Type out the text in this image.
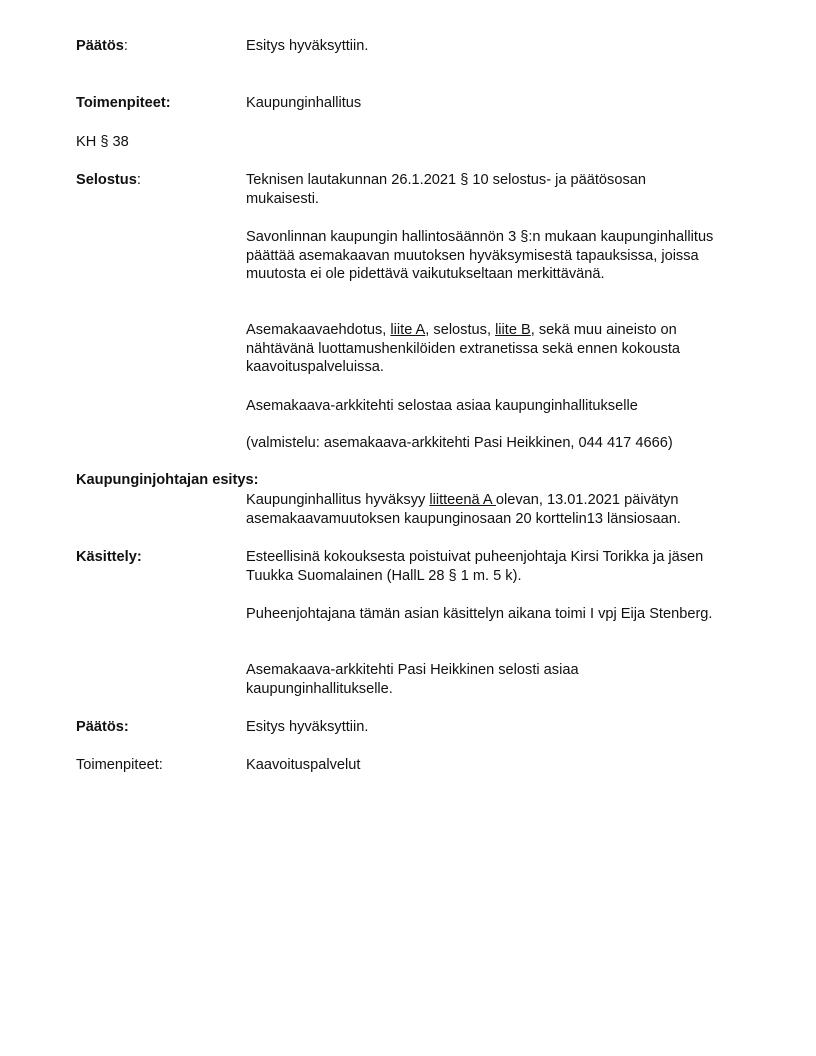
Päätös:	Esitys hyväksyttiin.
Toimenpiteet:	Kaupunginhallitus
KH § 38
Selostus:	Teknisen lautakunnan 26.1.2021 § 10 selostus- ja päätösosan mukaisesti.
Savonlinnan kaupungin hallintosäännön 3 §:n mukaan kaupunginhallitus päättää asemakaavan muutoksen hyväksymisestä tapauksissa, joissa muutosta ei ole pidettävä vaikutukseltaan merkittävänä.
Asemakaavaehdotus, liite A, selostus, liite B, sekä muu aineisto on nähtävänä luottamushenkilöiden extranetissa sekä ennen kokousta kaavoituspalveluissa.
Asemakaava-arkkitehti selostaa asiaa kaupunginhallitukselle
(valmistelu: asemakaava-arkkitehti Pasi Heikkinen, 044 417 4666)
Kaupunginjohtajan esitys:
Kaupunginhallitus hyväksyy liitteenä A olevan, 13.01.2021 päivätyn asemakaavamuutoksen kaupunginosaan 20 korttelin13 länsiosaan.
Käsittely:	Esteellisinä kokouksesta poistuivat puheenjohtaja Kirsi Torikka ja jäsen Tuukka Suomalainen (HallL 28 § 1 m. 5 k).
Puheenjohtajana tämän asian käsittelyn aikana toimi I vpj Eija Stenberg.
Asemakaava-arkkitehti Pasi Heikkinen selosti asiaa kaupunginhallitukselle.
Päätös:	Esitys hyväksyttiin.
Toimenpiteet:	Kaavoituspalvelut
